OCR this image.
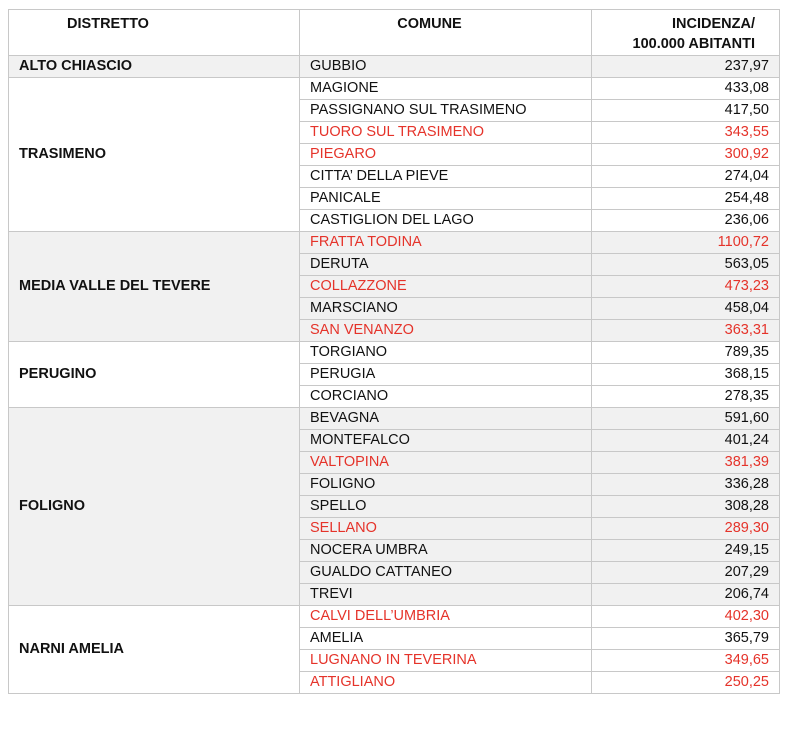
DISTRETTO	COMUNE	INCIDENZA/
100.000 ABITANTI
ALTO CHIASCIO	GUBBIO	237,97
TRASIMENO	MAGIONE	433,08
	PASSIGNANO SUL TRASIMENO	417,50
	TUORO SUL TRASIMENO	343,55
	PIEGARO	300,92
	CITTA’ DELLA PIEVE	274,04
	PANICALE	254,48
	CASTIGLION DEL LAGO	236,06
MEDIA VALLE DEL TEVERE	FRATTA TODINA	1100,72
	DERUTA	563,05
	COLLAZZONE	473,23
	MARSCIANO	458,04
	SAN VENANZO	363,31
PERUGINO	TORGIANO	789,35
	PERUGIA	368,15
	CORCIANO	278,35
FOLIGNO	BEVAGNA	591,60
	MONTEFALCO	401,24
	VALTOPINA	381,39
	FOLIGNO	336,28
	SPELLO	308,28
	SELLANO	289,30
	NOCERA UMBRA	249,15
	GUALDO CATTANEO	207,29
	TREVI	206,74
NARNI AMELIA	CALVI DELL’UMBRIA	402,30
	AMELIA	365,79
	LUGNANO IN TEVERINA	349,65
	ATTIGLIANO	250,25
